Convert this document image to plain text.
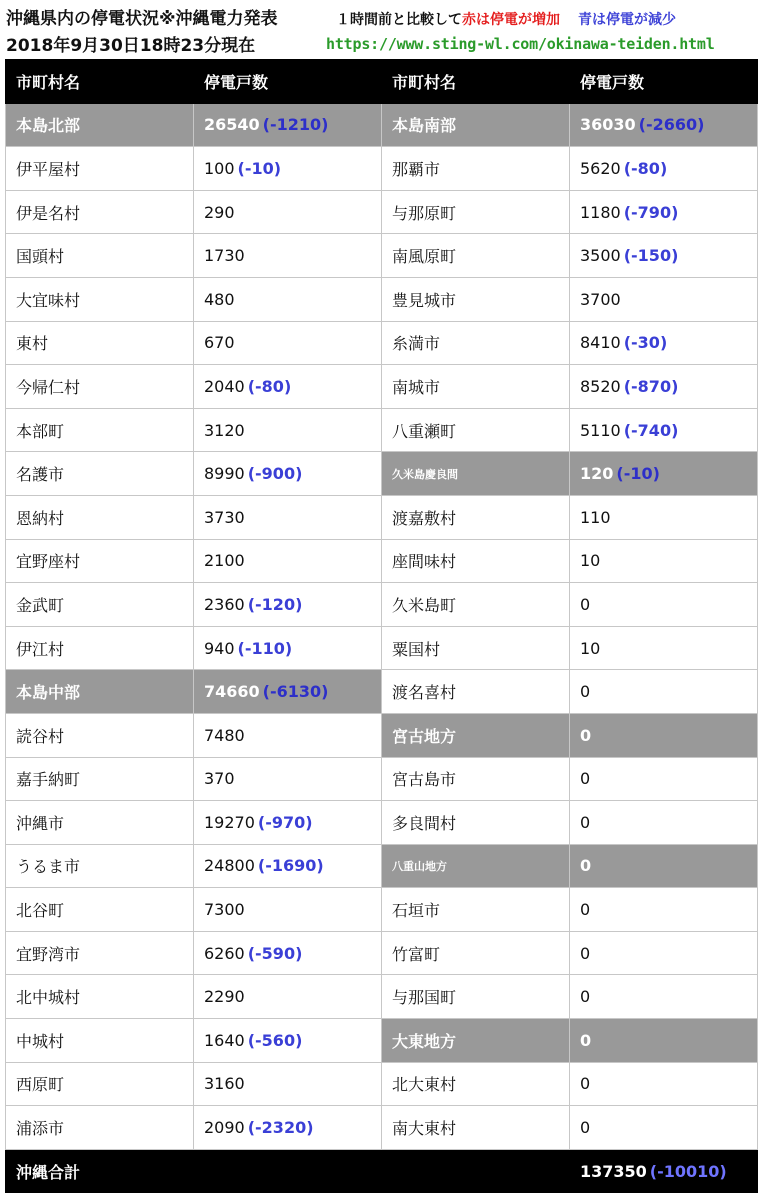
沖縄県内の停電状況※沖縄電力発表
2018年9月30日18時23分現在
１時間前と比較して赤は停電が増加 青は停電が減少
https://www.sting-wl.com/okinawa-teiden.html
市町村名	停電戸数	市町村名	停電戸数
本島北部	26540 (-1210)	本島南部	36030 (-2660)
伊平屋村	100 (-10)	那覇市	5620 (-80)
伊是名村	290	与那原町	1180 (-790)
国頭村	1730	南風原町	3500 (-150)
大宜味村	480	豊見城市	3700
東村	670	糸満市	8410 (-30)
今帰仁村	2040 (-80)	南城市	8520 (-870)
本部町	3120	八重瀬町	5110 (-740)
名護市	8990 (-900)	久米島慶良間	120 (-10)
恩納村	3730	渡嘉敷村	110
宜野座村	2100	座間味村	10
金武町	2360 (-120)	久米島町	0
伊江村	940 (-110)	粟国村	10
本島中部	74660 (-6130)	渡名喜村	0
読谷村	7480	宮古地方	0
嘉手納町	370	宮古島市	0
沖縄市	19270 (-970)	多良間村	0
うるま市	24800 (-1690)	八重山地方	0
北谷町	7300	石垣市	0
宜野湾市	6260 (-590)	竹富町	0
北中城村	2290	与那国町	0
中城村	1640 (-560)	大東地方	0
西原町	3160	北大東村	0
浦添市	2090 (-2320)	南大東村	0
沖縄合計			137350 (-10010)
